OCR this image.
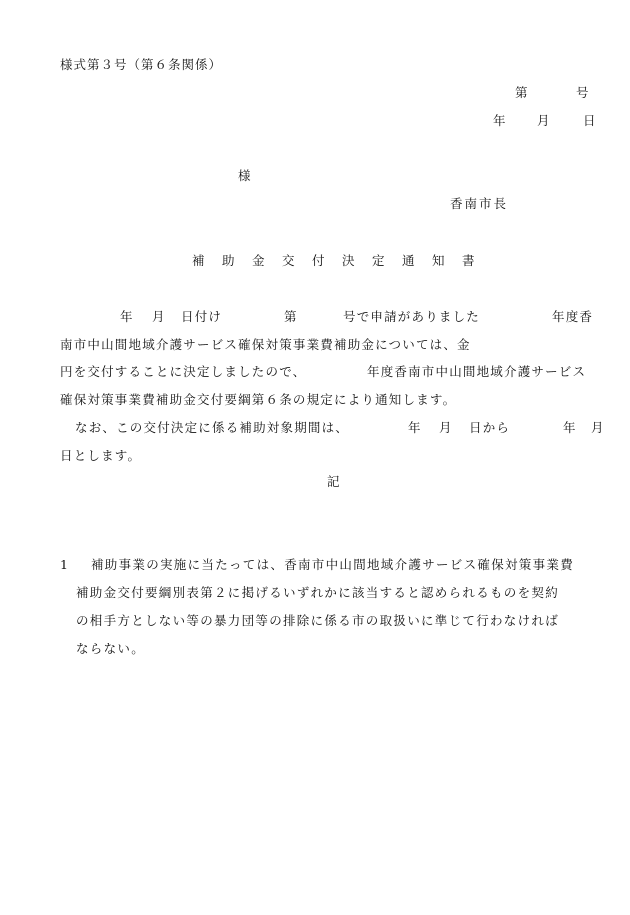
様式第３号（第６条関係）
第	号
年	月	日
様
香南市長
補助金交付決定通知書
年 月 日付け	第	号で申請がありました	年度香
南市中山間地域介護サービス確保対策事業費補助金については、金
円を交付することに決定しましたので、	年度香南市中山間地域介護サービス
確保対策事業費補助金交付要綱第６条の規定により通知します。
なお、この交付決定に係る補助対象期間は、	年 月 日から	年 月
日とします。
記
1 補助事業の実施に当たっては、香南市中山間地域介護サービス確保対策事業費
補助金交付要綱別表第２に掲げるいずれかに該当すると認められるものを契約
の相手方としない等の暴力団等の排除に係る市の取扱いに準じて行わなければ
ならない。
